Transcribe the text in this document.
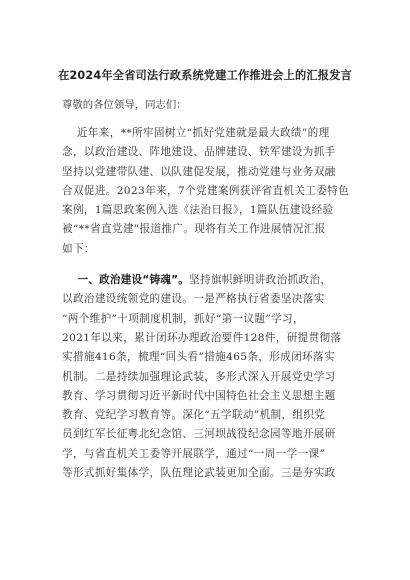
在2024年全省司法行政系统党建工作推进会上的汇报发言
尊敬的各位领导，同志们：
近年来，**所牢固树立“抓好党建就是最大政绩”的理
念，以政治建设、阵地建设、品牌建设、铁军建设为抓手
坚持以党建带队建、以队建促发展，推动党建与业务双融
合双促进。2023年来，7个党建案例获评省直机关工委特色
案例，1篇思政案例入选《法治日报》，1篇队伍建设经验
被“**省直党建”报道推广。现将有关工作进展情况汇报
如下：
一、政治建设“铸魂”。坚持旗帜鲜明讲政治抓政治，
以政治建设统领党的建设。一是严格执行省委坚决落实
“两个维护”十项制度机制，抓好“第一议题”学习，
2021年以来，累计闭环办理政治要件128件，研提贯彻落
实措施416条，梳理“回头看”措施465条，形成闭环落实
机制。二是持续加强理论武装，多形式深入开展党史学习
教育、学习贯彻习近平新时代中国特色社会主义思想主题
教育、党纪学习教育等。深化“五学联动”机制，组织党
员到红军长征粤北纪念馆、三河坝战役纪念园等地开展研
学，与省直机关工委等开展联学，通过“一周一学一课”
等形式抓好集体学，队伍理论武装更加全面。三是夯实政
